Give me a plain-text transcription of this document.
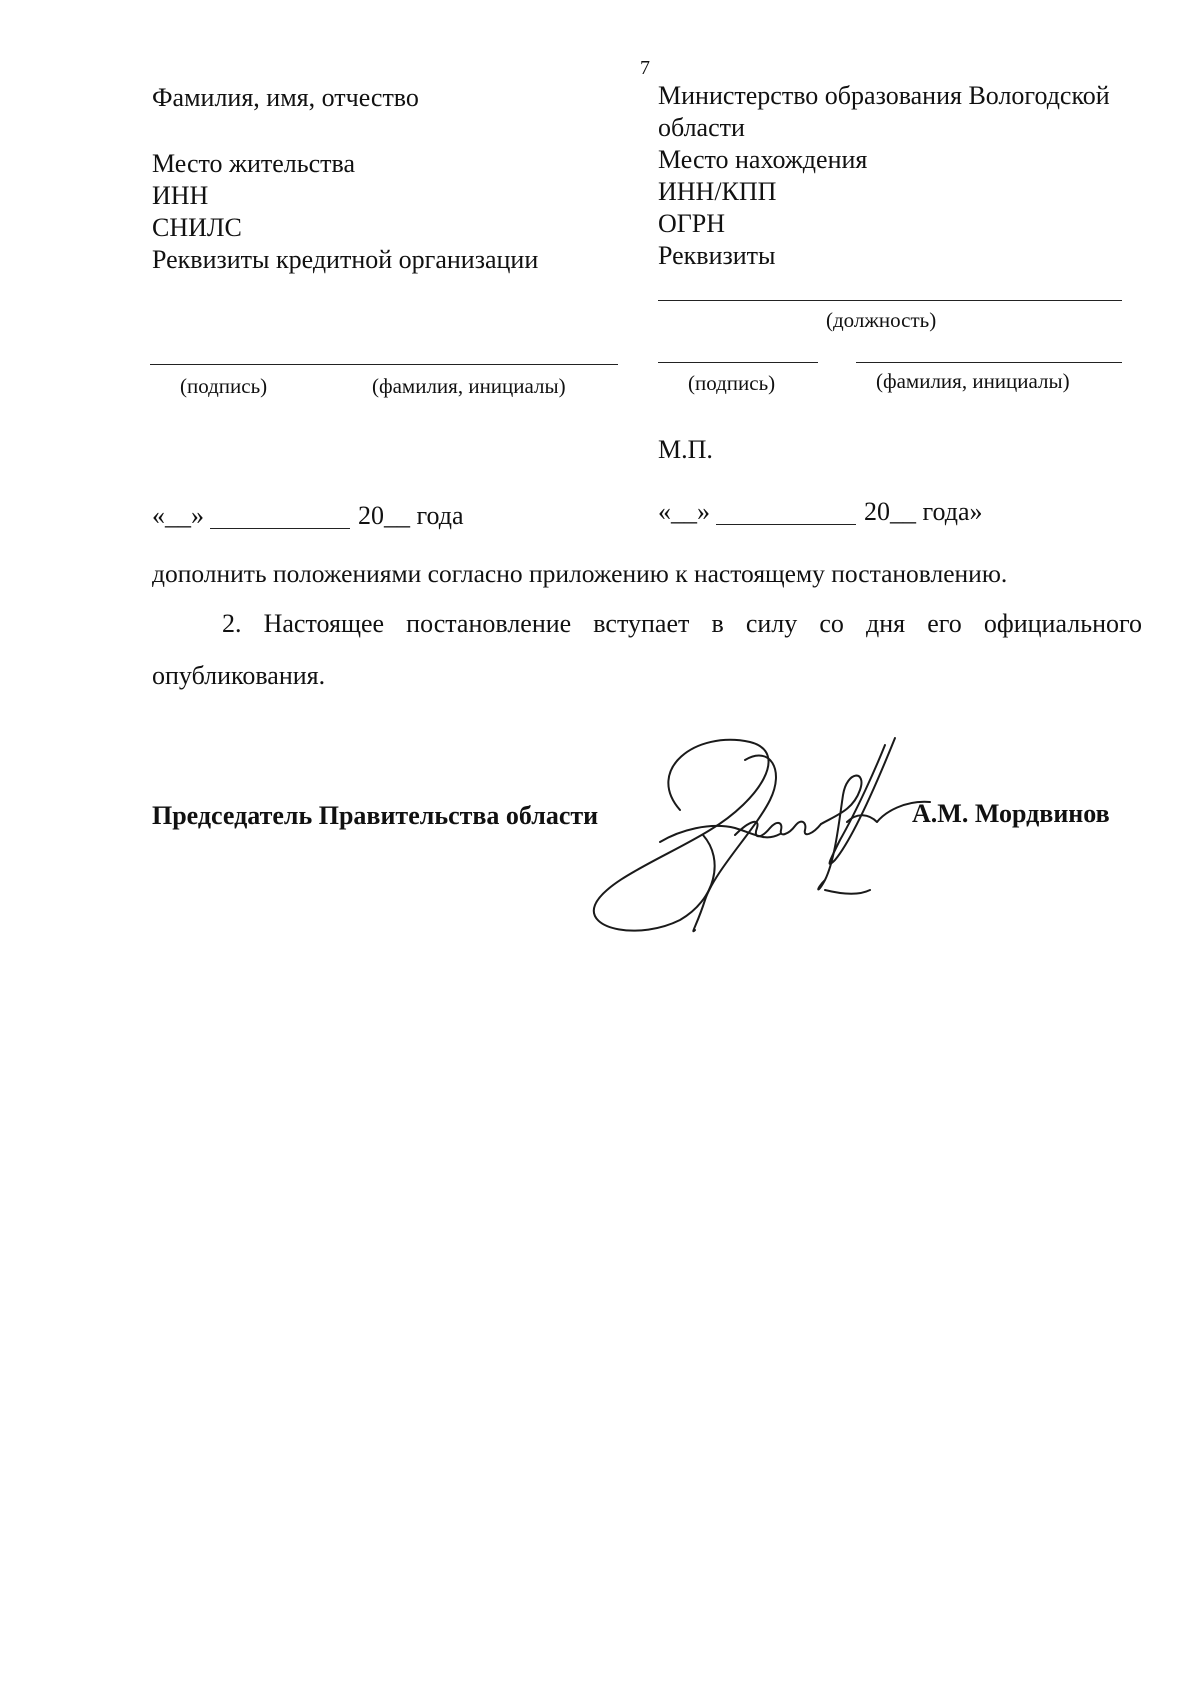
7
Фамилия, имя, отчество
Место жительства
ИНН
СНИЛС
Реквизиты кредитной организации
(подпись)	(фамилия, инициалы)
«__»	20__ года
Министерство образования Вологодской
области
Место нахождения
ИНН/КПП
ОГРН
Реквизиты
(должность)
(подпись)	(фамилия, инициалы)
М.П.
«__»	20__ года»
дополнить положениями согласно приложению к настоящему постановлению.
2. Настоящее постановление вступает в силу со дня его официального
опубликования.
Председатель Правительства области	А.М. Мордвинов
